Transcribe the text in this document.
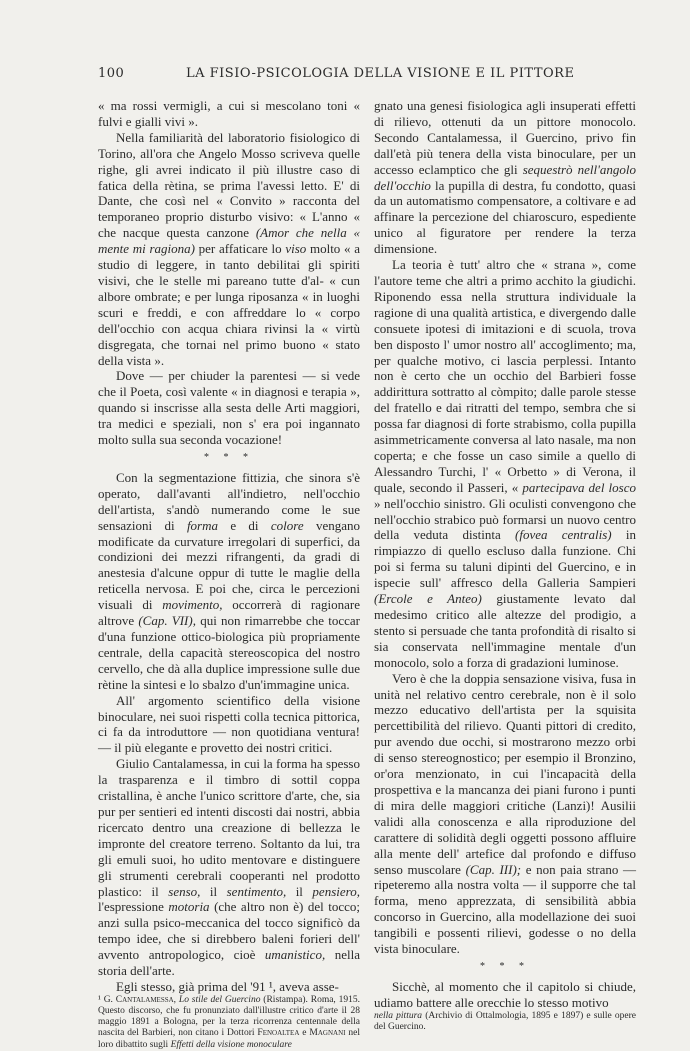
100	LA FISIO-PSICOLOGIA DELLA VISIONE E IL PITTORE

« ma rossi vermigli, a cui si mescolano toni « fulvi e gialli vivi ».

Nella familiarità del laboratorio fisiologico di Torino, all'ora che Angelo Mosso scriveva quelle righe, gli avrei indicato il più illustre caso di fatica della rètina, se prima l'avessi letto. E' di Dante, che così nel « Convito » racconta del temporaneo proprio disturbo visivo: « L'anno « che nacque questa canzone (Amor che nella « mente mi ragiona) per affaticare lo viso molto « a studio di leggere, in tanto debilitai gli spiriti visivi, che le stelle mi pareano tutte d'al- « cun albore ombrate; e per lunga riposanza « in luoghi scuri e freddi, e con affreddare lo « corpo dell'occhio con acqua chiara rivinsi la « virtù disgregata, che tornai nel primo buono « stato della vista ».

Dove — per chiuder la parentesi — si vede che il Poeta, così valente « in diagnosi e terapia », quando si inscrisse alla sesta delle Arti maggiori, tra medici e speziali, non s' era poi ingannato molto sulla sua seconda vocazione!

* * *

Con la segmentazione fittizia, che sinora s'è operato, dall'avanti all'indietro, nell'occhio dell'artista, s'andò numerando come le sue sensazioni di forma e di colore vengano modificate da curvature irregolari di superfici, da condizioni dei mezzi rifrangenti, da gradi di anestesia d'alcune oppur di tutte le maglie della reticella nervosa. E poi che, circa le percezioni visuali di movimento, occorrerà di ragionare altrove (Cap. VII), qui non rimarrebbe che toccar d'una funzione ottico-biologica più propriamente centrale, della capacità stereoscopica del nostro cervello, che dà alla duplice impressione sulle due rètine la sintesi e lo sbalzo d'un'immagine unica.

All' argomento scientifico della visione binoculare, nei suoi rispetti colla tecnica pittorica, ci fa da introduttore — non quotidiana ventura! — il più elegante e provetto dei nostri critici.

Giulio Cantalamessa, in cui la forma ha spesso la trasparenza e il timbro di sottil coppa cristallina, è anche l'unico scrittore d'arte, che, sia pur per sentieri ed intenti discosti dai nostri, abbia ricercato dentro una creazione di bellezza le impronte del creatore terreno. Soltanto da lui, tra gli emuli suoi, ho udito mentovare e distinguere gli strumenti cerebrali cooperanti nel prodotto plastico: il senso, il sentimento, il pensiero, l'espressione motoria (che altro non è) del tocco; anzi sulla psico-meccanica del tocco significò da tempo idee, che si direbbero baleni forieri dell' avvento antropologico, cioè umanistico, nella storia dell'arte.

Egli stesso, già prima del '91 ¹, aveva asse-

¹ G. Cantalamessa, Lo stile del Guercino (Ristampa). Roma, 1915. Questo discorso, che fu pronunziato dall'illustre critico d'arte il 28 maggio 1891 a Bologna, per la terza ricorrenza centennale della nascita del Barbieri, non citano i Dottori Fenoaltea e Magnani nel loro dibattito sugli Effetti della visione monoculare

gnato una genesi fisiologica agli insuperati effetti di rilievo, ottenuti da un pittore monocolo. Secondo Cantalamessa, il Guercino, privo fin dall'età più tenera della vista binoculare, per un accesso eclamptico che gli sequestrò nell'angolo dell'occhio la pupilla di destra, fu condotto, quasi da un automatismo compensatore, a coltivare e ad affinare la percezione del chiaroscuro, espediente unico al figuratore per rendere la terza dimensione.

La teoria è tutt' altro che « strana », come l'autore teme che altri a primo acchito la giudichi. Riponendo essa nella struttura individuale la ragione di una qualità artistica, e divergendo dalle consuete ipotesi di imitazioni e di scuola, trova ben disposto l' umor nostro all' accoglimento; ma, per qualche motivo, ci lascia perplessi. Intanto non è certo che un occhio del Barbieri fosse addirittura sottratto al còmpito; dalle parole stesse del fratello e dai ritratti del tempo, sembra che si possa far diagnosi di forte strabismo, colla pupilla asimmetricamente conversa al lato nasale, ma non coperta; e che fosse un caso simile a quello di Alessandro Turchi, l' « Orbetto » di Verona, il quale, secondo il Passeri, « partecipava del losco » nell'occhio sinistro. Gli oculisti convengono che nell'occhio strabico può formarsi un nuovo centro della veduta distinta (fovea centralis) in rimpiazzo di quello escluso dalla funzione. Chi poi si ferma su taluni dipinti del Guercino, e in ispecie sull' affresco della Galleria Sampieri (Ercole e Anteo) giustamente levato dal medesimo critico alle altezze del prodigio, a stento si persuade che tanta profondità di risalto si sia conservata nell'immagine mentale d'un monocolo, solo a forza di gradazioni luminose.

Vero è che la doppia sensazione visiva, fusa in unità nel relativo centro cerebrale, non è il solo mezzo educativo dell'artista per la squisita percettibilità del rilievo. Quanti pittori di credito, pur avendo due occhi, si mostrarono mezzo orbi di senso stereognostico; per esempio il Bronzino, or'ora menzionato, in cui l'incapacità della prospettiva e la mancanza dei piani furono i punti di mira delle maggiori critiche (Lanzi)! Ausilii validi alla conoscenza e alla riproduzione del carattere di solidità degli oggetti possono affluire alla mente dell' artefice dal profondo e diffuso senso muscolare (Cap. III); e non paia strano — ripeteremo alla nostra volta — il supporre che tal forma, meno apprezzata, di sensibilità abbia concorso in Guercino, alla modellazione dei suoi tangibili e possenti rilievi, godesse o no della vista binoculare.

* * *

Sicchè, al momento che il capitolo si chiude, udiamo battere alle orecchie lo stesso motivo

nella pittura (Archivio di Ottalmologia, 1895 e 1897) e sulle opere del Guercino.
